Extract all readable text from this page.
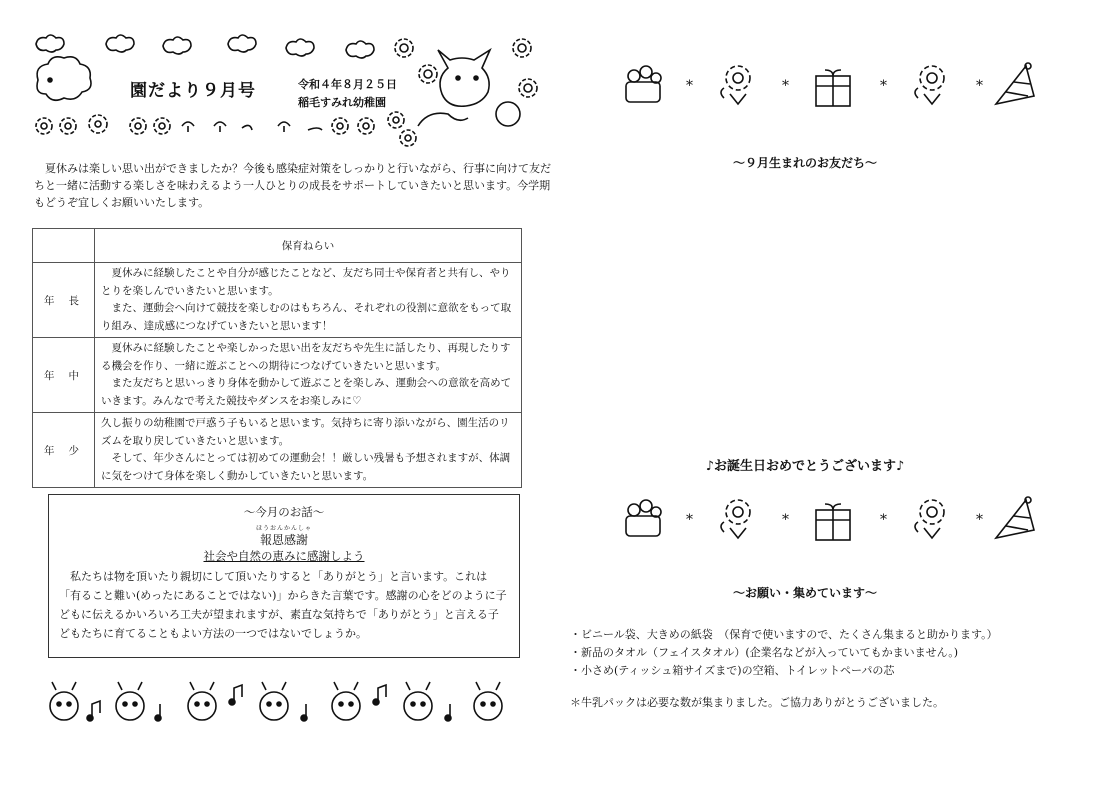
園だより９月号	令和４年８月２５日
稲毛すみれ幼稚園

夏休みは楽しい思い出ができましたか？今後も感染症対策をしっかりと行いながら、行事に向けて友だちと一緒に活動する楽しさを味わえるよう一人ひとりの成長をサポートしていきたいと思います。今学期もどうぞ宜しくお願いいたします。

	保育ねらい
年長	夏休みに経験したことや自分が感じたことなど、友だち同士や保育者と共有し、やりとりを楽しんでいきたいと思います。

また、運動会へ向けて競技を楽しむのはもちろん、それぞれの役割に意欲をもって取り組み、達成感につなげていきたいと思います！

年中	夏休みに経験したことや楽しかった思い出を友だちや先生に話したり、再現したりする機会を作り、一緒に遊ぶことへの期待につなげていきたいと思います。

また友だちと思いっきり身体を動かして遊ぶことを楽しみ、運動会への意欲を高めていきます。みんなで考えた競技やダンスをお楽しみに♡

年少	久し振りの幼稚園で戸惑う子もいると思います。気持ちに寄り添いながら、園生活のリズムを取り戻していきたいと思います。

そして、年少さんにとっては初めての運動会！！厳しい残暑も予想されますが、体調に気をつけて身体を楽しく動かしていきたいと思います。

～今月のお話～
ほうおんかんしゃ
報恩感謝
社会や自然の恵みに感謝しよう

私たちは物を頂いたり親切にして頂いたりすると「ありがとう」と言います。これは「有ること難い(めったにあることではない)」からきた言葉です。感謝の心をどのように子どもに伝えるかいろいろ工夫が望まれますが、素直な気持ちで「ありがとう」と言える子どもたちに育てることもよい方法の一つではないでしょうか。

*	*	*	*
～９月生まれのお友だち～
♪お誕生日おめでとうございます♪
*	*	*	*
～お願い・集めています～
・ビニール袋、大きめの紙袋　（保育で使いますので、たくさん集まると助かります。）
・新品のタオル（フェイスタオル）(企業名などが入っていてもかまいません。)
・小さめ(ティッシュ箱サイズまで)の空箱、トイレットペーパの芯
＊牛乳パックは必要な数が集まりました。ご協力ありがとうございました。
